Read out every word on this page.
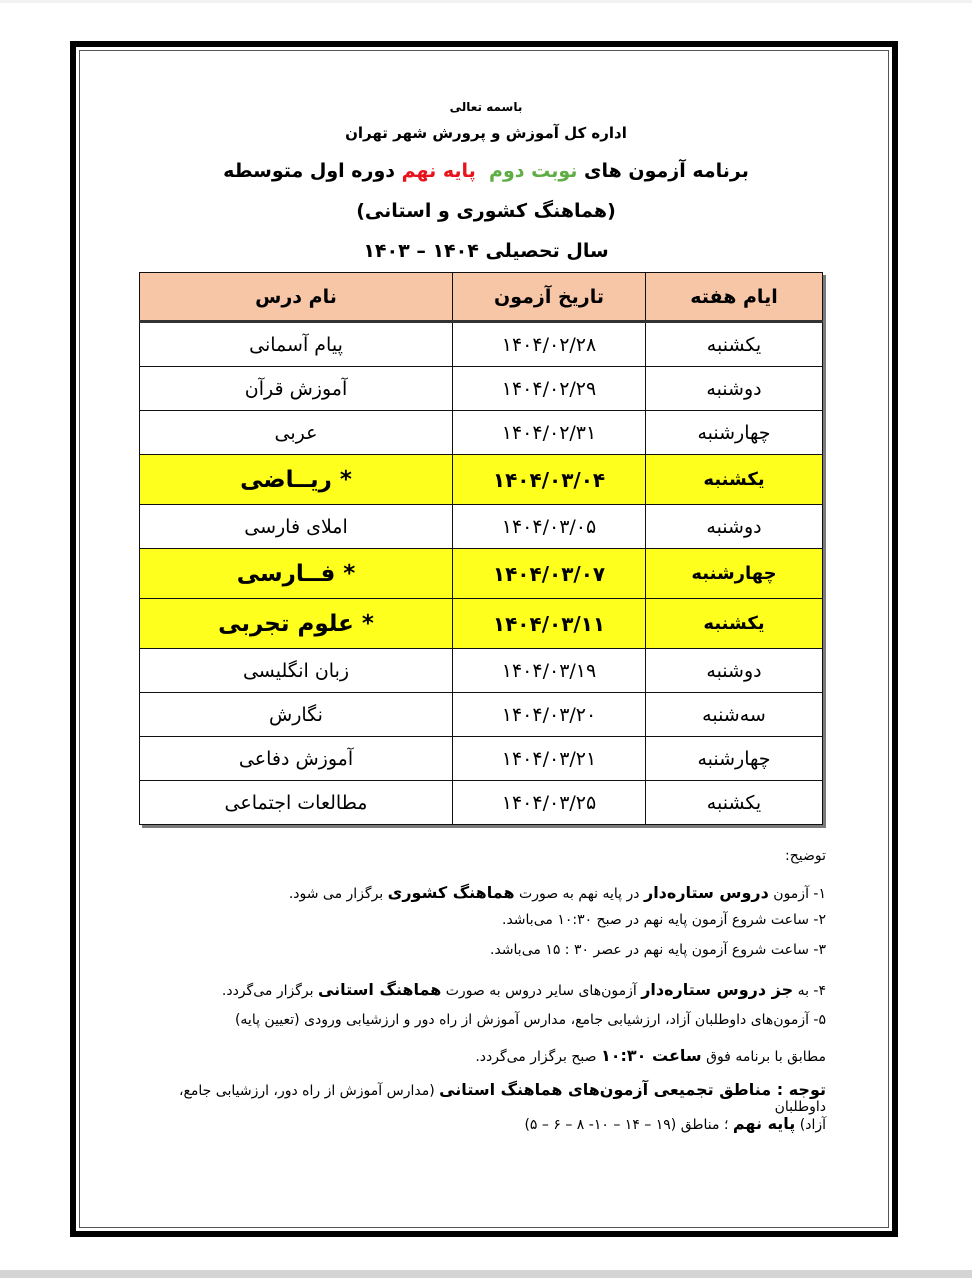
باسمه تعالی
اداره کل آموزش و پرورش شهر تهران
برنامه آزمون های نوبت دوم  پایه نهم دوره اول متوسطه
(هماهنگ کشوری و استانی)
سال تحصیلی ۱۴۰۴ – ۱۴۰۳
ایام هفته	تاریخ آزمون	نام درس
یکشنبه	۱۴۰۴/۰۲/۲۸	پیام آسمانی
دوشنبه	۱۴۰۴/۰۲/۲۹	آموزش قرآن
چهارشنبه	۱۴۰۴/۰۲/۳۱	عربی
یکشنبه	۱۴۰۴/۰۳/۰۴	* ریــاضی
دوشنبه	۱۴۰۴/۰۳/۰۵	املای فارسی
چهارشنبه	۱۴۰۴/۰۳/۰۷	* فــارسی
یکشنبه	۱۴۰۴/۰۳/۱۱	* علوم تجربی
دوشنبه	۱۴۰۴/۰۳/۱۹	زبان انگلیسی
سه‌شنبه	۱۴۰۴/۰۳/۲۰	نگارش
چهارشنبه	۱۴۰۴/۰۳/۲۱	آموزش دفاعی
یکشنبه	۱۴۰۴/۰۳/۲۵	مطالعات اجتماعی
توضیح:
۱- آزمون دروس ستاره‌دار در پایه نهم به صورت هماهنگ کشوری برگزار می شود.
۲- ساعت شروع آزمون پایه نهم در صبح ۱۰:۳۰ می‌باشد.
۳- ساعت شروع آزمون پایه نهم در عصر ۳۰ : ۱۵ می‌باشد.
۴- به جز دروس ستاره‌دار آزمون‌های سایر دروس به صورت هماهنگ استانی برگزار می‌گردد.
۵- آزمون‌های داوطلبان آزاد، ارزشیابی جامع، مدارس آموزش از راه دور و ارزشیابی ورودی (تعیین پایه)
مطابق با برنامه فوق ساعت ۱۰:۳۰ صبح برگزار می‌گردد.
توجه : مناطق تجمیعی آزمون‌های هماهنگ استانی (مدارس آموزش از راه دور، ارزشیابی جامع، داوطلبان
آزاد) پایه نهم ؛ مناطق (۱۹ – ۱۴ – ۱۰- ۸ – ۶ – ۵)
